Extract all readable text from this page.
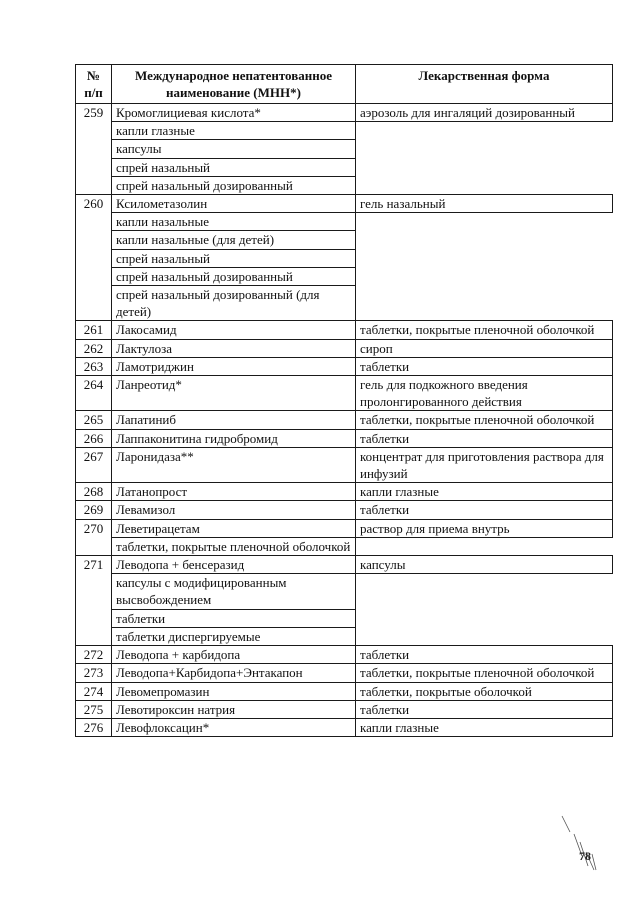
№ п/п	Международное непатентованное наименование (МНН*)	Лекарственная форма
259	Кромоглициевая кислота*	аэрозоль для ингаляций дозированный
	капли глазные	
	капсулы	
	спрей назальный	
	спрей назальный дозированный	
260	Ксилометазолин	гель назальный
	капли назальные	
	капли назальные (для детей)	
	спрей назальный	
	спрей назальный дозированный	
	спрей назальный дозированный (для детей)	
261	Лакосамид	таблетки, покрытые пленочной оболочкой
262	Лактулоза	сироп
263	Ламотриджин	таблетки
264	Ланреотид*	гель для подкожного введения пролонгированного действия
265	Лапатиниб	таблетки, покрытые пленочной оболочкой
266	Лаппаконитина гидробромид	таблетки
267	Ларонидаза**	концентрат для приготовления раствора для инфузий
268	Латанопрост	капли глазные
269	Левамизол	таблетки
270	Леветирацетам	раствор для приема внутрь
	таблетки, покрытые пленочной оболочкой	
271	Леводопа + бенсеразид	капсулы
	капсулы с модифицированным высвобождением	
	таблетки	
	таблетки диспергируемые	
272	Леводопа + карбидопа	таблетки
273	Леводопа+Карбидопа+Энтакапон	таблетки, покрытые пленочной оболочкой
274	Левомепромазин	таблетки, покрытые оболочкой
275	Левотироксин натрия	таблетки
276	Левофлоксацин*	капли глазные
78
